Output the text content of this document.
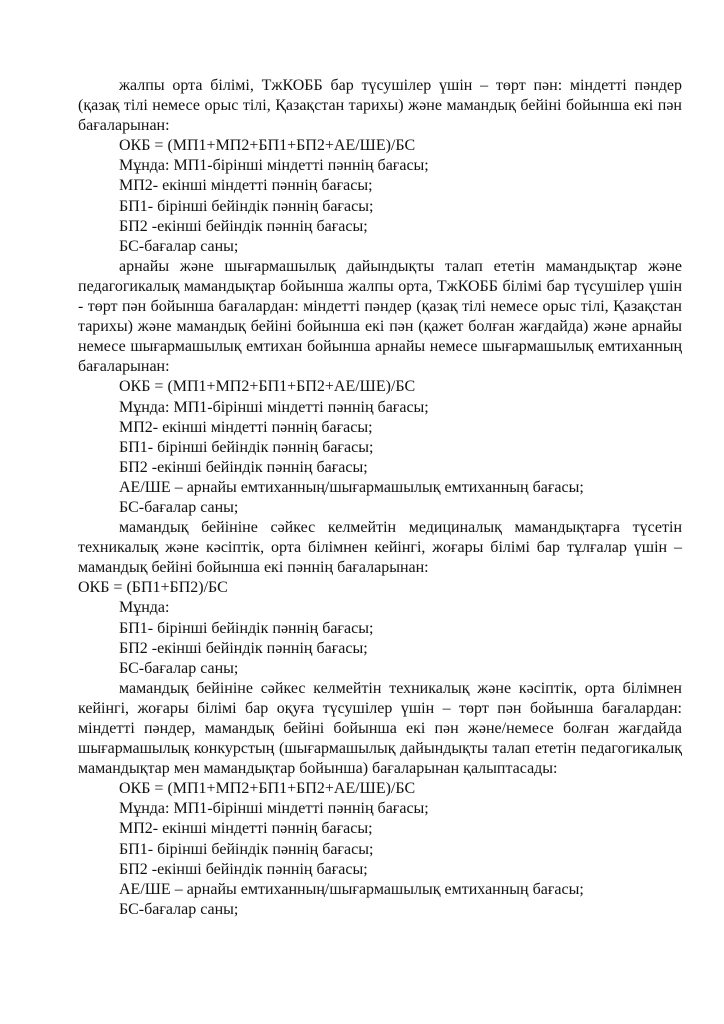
жалпы орта білімі, ТжКОББ бар түсушілер үшін – төрт пән: міндетті пәндер (қазақ тілі немесе орыс тілі, Қазақстан тарихы) және мамандық бейіні бойынша екі пән бағаларынан:

ОКБ = (МП1+МП2+БП1+БП2+АЕ/ШЕ)/БС

Мұнда: МП1-бірінші міндетті пәннің бағасы;

МП2- екінші міндетті пәннің бағасы;

БП1- бірінші бейіндік пәннің бағасы;

БП2 -екінші бейіндік пәннің бағасы;

БС-бағалар саны;

арнайы және шығармашылық дайындықты талап ететін мамандықтар және педагогикалық мамандықтар бойынша жалпы орта, ТжКОББ білімі бар түсушілер үшін - төрт пән бойынша бағалардан: міндетті пәндер (қазақ тілі немесе орыс тілі, Қазақстан тарихы) және мамандық бейіні бойынша екі пән (қажет болған жағдайда) және арнайы немесе шығармашылық емтихан бойынша арнайы немесе шығармашылық емтиханның бағаларынан:

ОКБ = (МП1+МП2+БП1+БП2+АЕ/ШЕ)/БС

Мұнда: МП1-бірінші міндетті пәннің бағасы;

МП2- екінші міндетті пәннің бағасы;

БП1- бірінші бейіндік пәннің бағасы;

БП2 -екінші бейіндік пәннің бағасы;

АЕ/ШЕ – арнайы емтиханның/шығармашылық емтиханның бағасы;

БС-бағалар саны;

мамандық бейініне сәйкес келмейтін медициналық мамандықтарға түсетін техникалық және кәсіптік, орта білімнен кейінгі, жоғары білімі бар тұлғалар үшін – мамандық бейіні бойынша екі пәннің бағаларынан:

ОКБ = (БП1+БП2)/БС

Мұнда:

БП1- бірінші бейіндік пәннің бағасы;

БП2 -екінші бейіндік пәннің бағасы;

БС-бағалар саны;

мамандық бейініне сәйкес келмейтін техникалық және кәсіптік, орта білімнен кейінгі, жоғары білімі бар оқуға түсушілер үшін – төрт пән бойынша бағалардан: міндетті пәндер, мамандық бейіні бойынша екі пән және/немесе болған жағдайда шығармашылық конкурстың (шығармашылық дайындықты талап ететін педагогикалық мамандықтар мен мамандықтар бойынша) бағаларынан қалыптасады:

ОКБ = (МП1+МП2+БП1+БП2+АЕ/ШЕ)/БС

Мұнда: МП1-бірінші міндетті пәннің бағасы;

МП2- екінші міндетті пәннің бағасы;

БП1- бірінші бейіндік пәннің бағасы;

БП2 -екінші бейіндік пәннің бағасы;

АЕ/ШЕ – арнайы емтиханның/шығармашылық емтиханның бағасы;

БС-бағалар саны;
